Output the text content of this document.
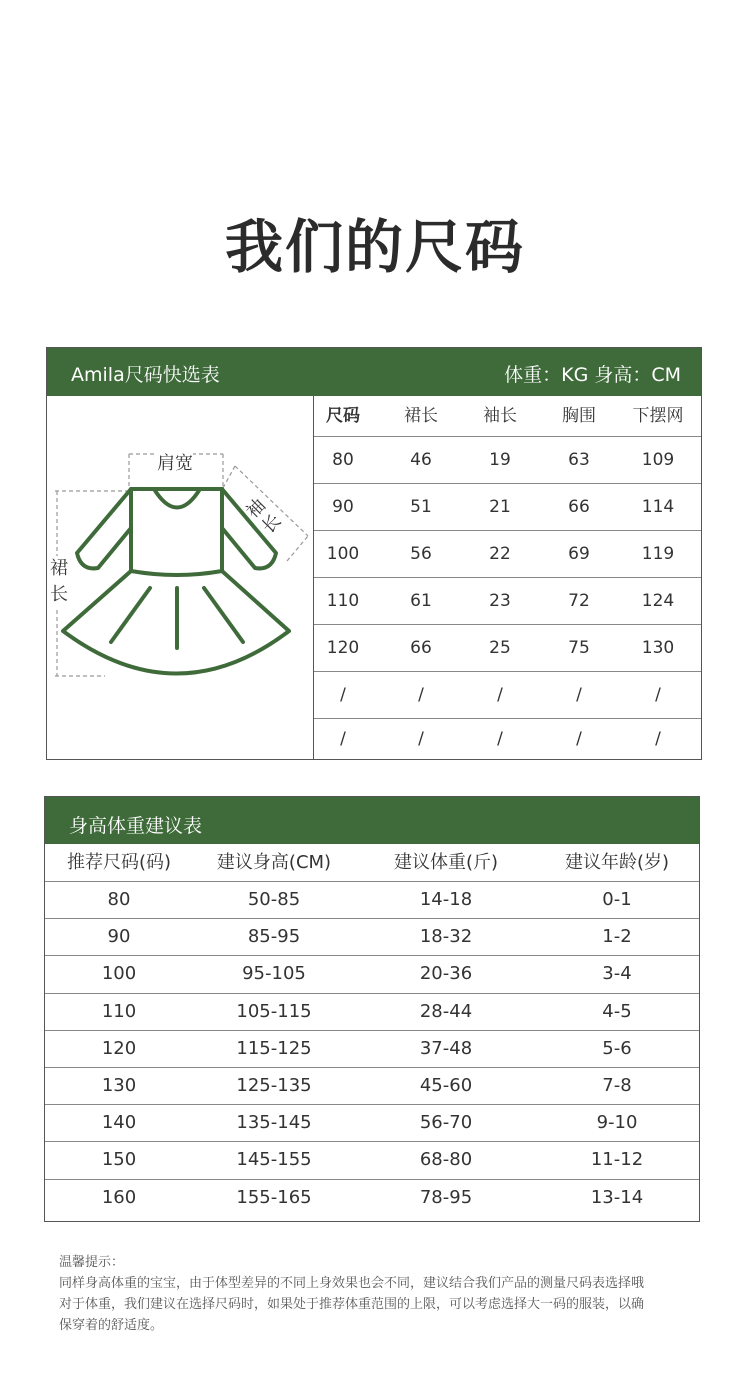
我们的尺码
Amila尺码快选表	体重：KG 身高：CM
肩宽
袖长
裙长
尺码	裙长	袖长	胸围	下摆网
80	46	19	63	109
90	51	21	66	114
100	56	22	69	119
110	61	23	72	124
120	66	25	75	130
/	/	/	/	/
/	/	/	/	/
身高体重建议表
推荐尺码(码)	建议身高(CM)	建议体重(斤)	建议年龄(岁)
80	50-85	14-18	0-1
90	85-95	18-32	1-2
100	95-105	20-36	3-4
110	105-115	28-44	4-5
120	115-125	37-48	5-6
130	125-135	45-60	7-8
140	135-145	56-70	9-10
150	145-155	68-80	11-12
160	155-165	78-95	13-14
温馨提示：
同样身高体重的宝宝，由于体型差异的不同上身效果也会不同，建议结合我们产品的测量尺码表选择哦
对于体重，我们建议在选择尺码时，如果处于推荐体重范围的上限，可以考虑选择大一码的服装，以确
保穿着的舒适度。
